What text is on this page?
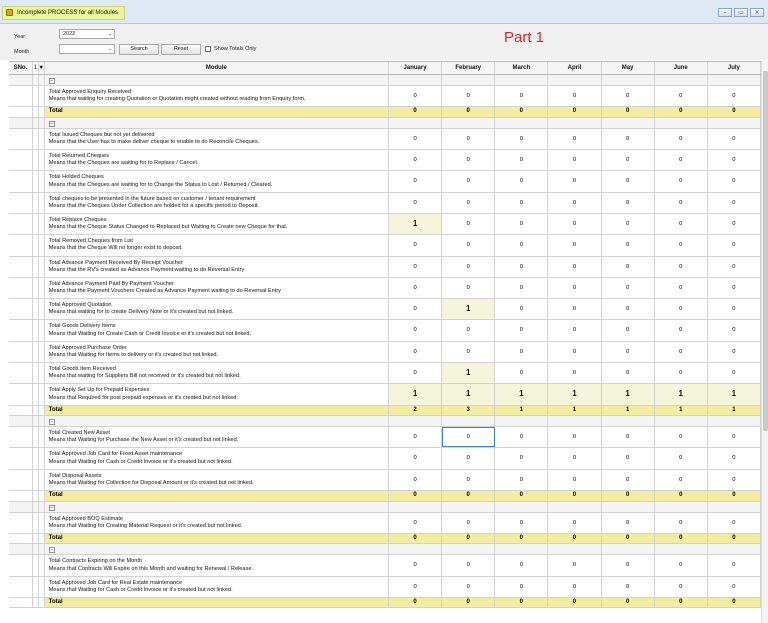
Incomplete PROCESS for all Modules	–	▭	×
Year	2022	⌄
Month	⌄	Search	Reset	Show Totals Only
Part 1
SNo.	1 ▾	Module	January	February	March	April	May	June	July
−
Total Approved Enquiry Received
Means that waiting for creating Quotation or Quotation might created without reading from Enquiry form.
0	0	0	0	0	0	0
Total	0	0	0	0	0	0	0
−
Total Issued Cheques but not yet delivered
Means that the User has to make deliver cheque to enable to do Reconcile Cheques.
0	0	0	0	0	0	0
Total Returned Cheques
Means that the Cheques are waiting for to Replace / Cancel.
0	0	0	0	0	0	0
Total Holded Cheques
Means that the Cheques are waiting for to Change the Status to Lost / Returned / Cleared.
0	0	0	0	0	0	0
Total cheques to be presented in the future based on customer / tenant requirement
Means that the Cheques Under Collection are holded for a specific period to Deposit.
0	0	0	0	0	0	0
Total Replace Cheques
Means that the Cheque Status Changed to Replaced but Waiting to Create new Cheque for that.	1	0	0	0	0	0	0
Total Removed Cheques from List
Means that the Cheque Will no longer exist to deposit.
0	0	0	0	0	0	0
Total Advance Payment Received By Receipt Voucher
Means that the RV's created as Advance Payment waiting to do Reversal Entry
0	0	0	0	0	0	0
Total Advance Payment Paid By Payment Voucher
Means that the Payment Vouchers Created as Advance Payment waiting to do Reversal Entry
0	0	0	0	0	0	0
Total Approved Quotation
Means that waiting for to create Delivery Note or it's created but not linked.
0	1	0	0	0	0	0
Total Goods Delivery Items
Means that Waiting for Create Cash or Credit Invoice or it's created but not linked.
0	0	0	0	0	0	0
Total Approved Purchase Order
Means that Waiting for Items to delivery or it's created but not linked.
0	0	0	0	0	0	0
Total Goods Item Received
Means that waiting for Suppliers Bill not received or it's created but not linked.
0	1	0	0	0	0	0
Total Apply Set Up for Prepaid Expenses
Means that Required for post prepaid expenses or it's created but not linked.	1	1	1	1	1	1	1
Total	2	3	1	1	1	1	1
−
Total Created New Asset
Means that Waiting for Purchase the New Asset or it's created but not linked.
0	0	0	0	0	0	0
Total Approved Job Card for Fixed Asset maintenance
Means that Waiting for Cash or Credit Invoice or it's created but not linked.
0	0	0	0	0	0	0
Total Disposal Assets
Means that Waiting for Collection for Disposal Amount or it's created but not linked.
0	0	0	0	0	0	0
Total	0	0	0	0	0	0	0
−
Total Approved BOQ Estimate
Means that Waiting for Creating Material Request or it's created but not linked.
0	0	0	0	0	0	0
Total	0	0	0	0	0	0	0
−
Total Contracts Expiring on the Month
Means that Contracts Will Expire on this Month and waiting for Renewal / Release.
0	0	0	0	0	0	0
Total Approved Job Card for Real Estate maintenance
Means that Waiting for Cash or Credit Invoice or it's created but not linked.
0	0	0	0	0	0	0
Total	0	0	0	0	0	0	0
